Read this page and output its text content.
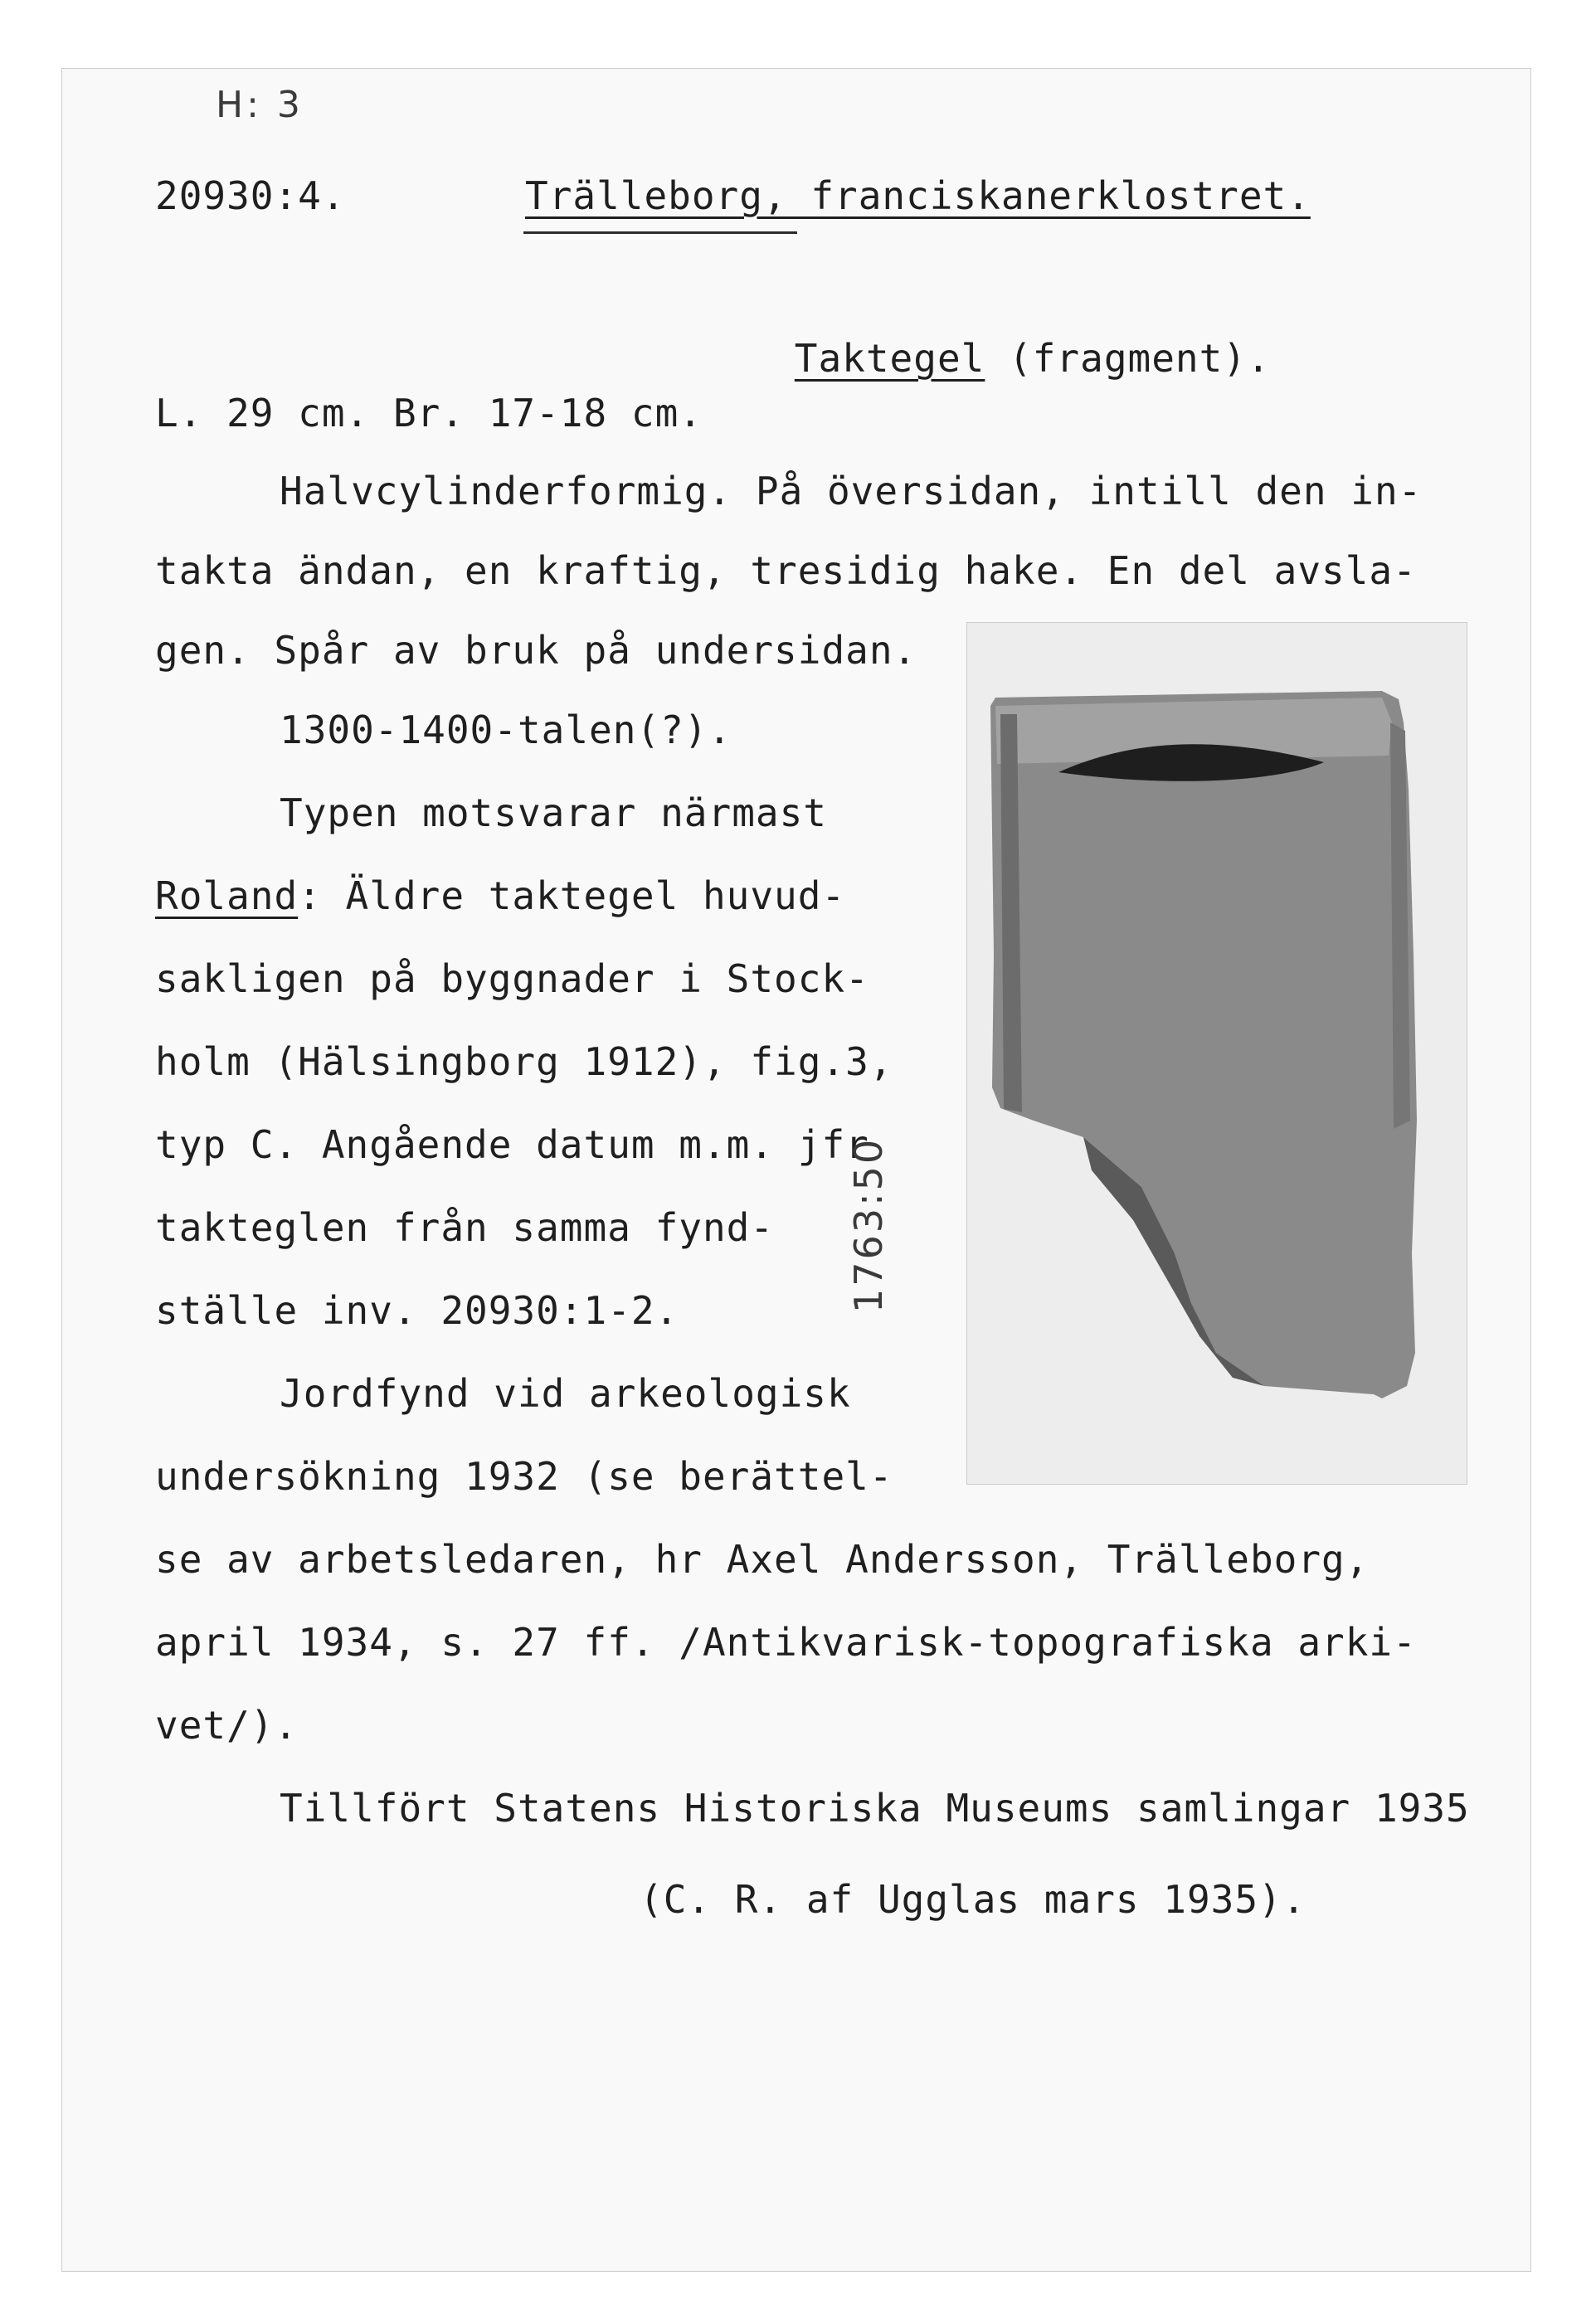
H: 3
20930:4.	Trälleborg, franciskanerklostret.

Taktegel (fragment).

L. 29 cm. Br. 17-18 cm.
Halvcylinderformig. På översidan, intill den in-
takta ändan, en kraftig, tresidig hake. En del avsla-
gen. Spår av bruk på undersidan.
1300-1400-talen(?).
Typen motsvarar närmast
Roland: Äldre taktegel huvud-
sakligen på byggnader i Stock-
holm (Hälsingborg 1912), fig.3,
typ C. Angående datum m.m. jfr
takteglen från samma fynd-
ställe inv. 20930:1-2.
Jordfynd vid arkeologisk
undersökning 1932 (se berättel-
se av arbetsledaren, hr Axel Andersson, Trälleborg,
april 1934, s. 27 ff. /Antikvarisk-topografiska arki-
vet/).
Tillfört Statens Historiska Museums samlingar 1935
(C. R. af Ugglas mars 1935).
1763:50
